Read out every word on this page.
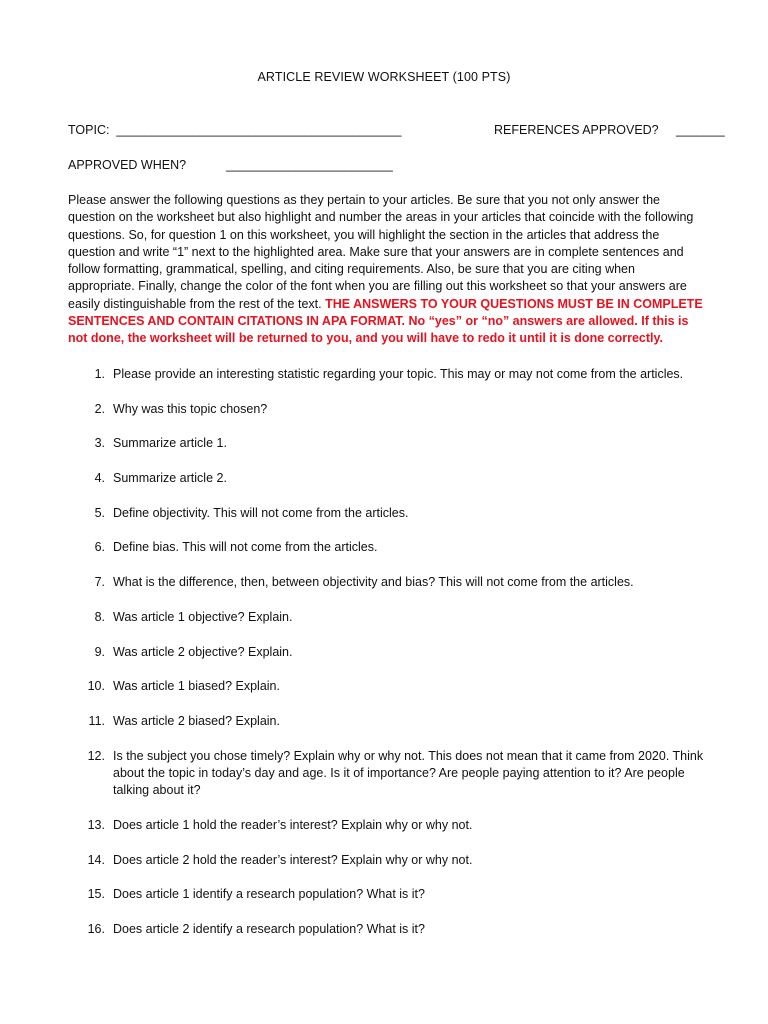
ARTICLE REVIEW WORKSHEET (100 PTS)
TOPIC: _________________________________________	REFERENCES APPROVED? _______
APPROVED WHEN?	________________________
Please answer the following questions as they pertain to your articles. Be sure that you not only answer the question on the worksheet but also highlight and number the areas in your articles that coincide with the following questions. So, for question 1 on this worksheet, you will highlight the section in the articles that address the question and write “1” next to the highlighted area. Make sure that your answers are in complete sentences and follow formatting, grammatical, spelling, and citing requirements. Also, be sure that you are citing when appropriate. Finally, change the color of the font when you are filling out this worksheet so that your answers are easily distinguishable from the rest of the text. THE ANSWERS TO YOUR QUESTIONS MUST BE IN COMPLETE SENTENCES AND CONTAIN CITATIONS IN APA FORMAT. No “yes” or “no” answers are allowed. If this is not done, the worksheet will be returned to you, and you will have to redo it until it is done correctly.
1. Please provide an interesting statistic regarding your topic. This may or may not come from the articles.
2. Why was this topic chosen?
3. Summarize article 1.
4. Summarize article 2.
5. Define objectivity. This will not come from the articles.
6. Define bias. This will not come from the articles.
7. What is the difference, then, between objectivity and bias? This will not come from the articles.
8. Was article 1 objective? Explain.
9. Was article 2 objective? Explain.
10. Was article 1 biased? Explain.
11. Was article 2 biased? Explain.
12. Is the subject you chose timely? Explain why or why not. This does not mean that it came from 2020. Think about the topic in today’s day and age. Is it of importance? Are people paying attention to it? Are people talking about it?
13. Does article 1 hold the reader’s interest? Explain why or why not.
14. Does article 2 hold the reader’s interest? Explain why or why not.
15. Does article 1 identify a research population? What is it?
16. Does article 2 identify a research population? What is it?
